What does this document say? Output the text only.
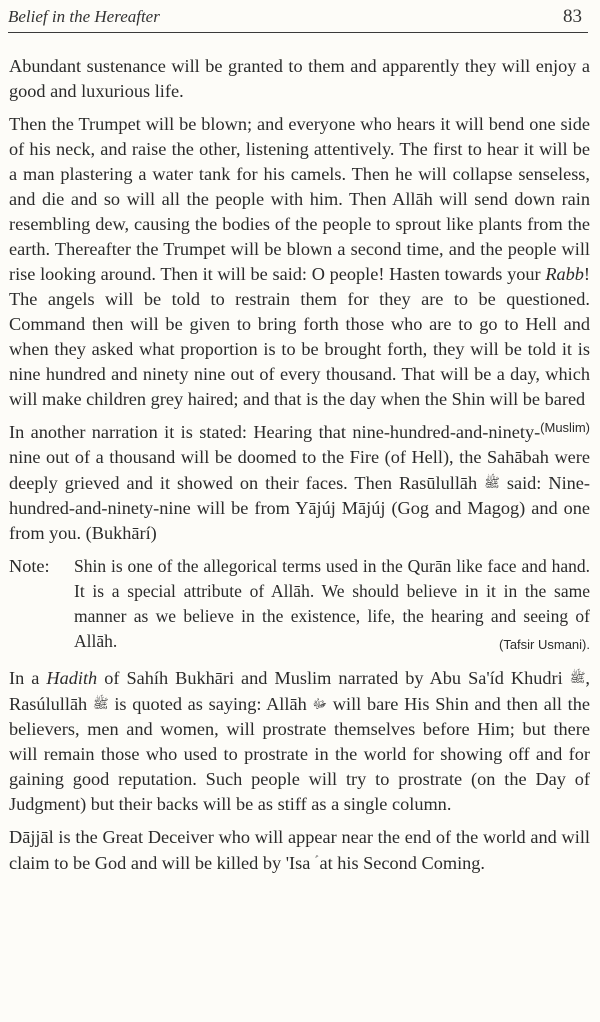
Belief in the Hereafter	83

Abundant sustenance will be granted to them and apparently they will enjoy a good and luxurious life.

Then the Trumpet will be blown; and everyone who hears it will bend one side of his neck, and raise the other, listening attentively. The first to hear it will be a man plastering a water tank for his camels. Then he will collapse senseless, and die and so will all the people with him. Then Allāh will send down rain resembling dew, causing the bodies of the people to sprout like plants from the earth. Thereafter the Trumpet will be blown a second time, and the people will rise looking around. Then it will be said: O people! Hasten towards your Rabb! The angels will be told to restrain them for they are to be questioned. Command then will be given to bring forth those who are to go to Hell and when they asked what proportion is to be brought forth, they will be told it is nine hundred and ninety nine out of every thousand. That will be a day, which will make children grey haired; and that is the day when the Shin will be bared
(Muslim)

In another narration it is stated: Hearing that nine-hundred-and-ninety-nine out of a thousand will be doomed to the Fire (of Hell), the Sahābah were deeply grieved and it showed on their faces. Then Rasūlullāh ﷺ said: Nine-hundred-and-ninety-nine will be from Yājúj Mājúj (Gog and Magog) and one from you. (Bukhārí)

Note:	Shin is one of the allegorical terms used in the Qurān like face and hand. It is a special attribute of Allāh. We should believe in it in the same manner as we believe in the existence, life, the hearing and seeing of Allāh.	(Tafsir Usmani).

In a Hadith of Sahíh Bukhāri and Muslim narrated by Abu Sa'íd Khudri ﷺ, Rasúlullāh ﷺ is quoted as saying: Allāh ﷻ will bare His Shin and then all the believers, men and women, will prostrate themselves before Him; but there will remain those who used to prostrate in the world for showing off and for gaining good reputation. Such people will try to prostrate (on the Day of Judgment) but their backs will be as stiff as a single column.

Dājjāl is the Great Deceiver who will appear near the end of the world and will claim to be God and will be killed by 'Isa at his Second Coming.
